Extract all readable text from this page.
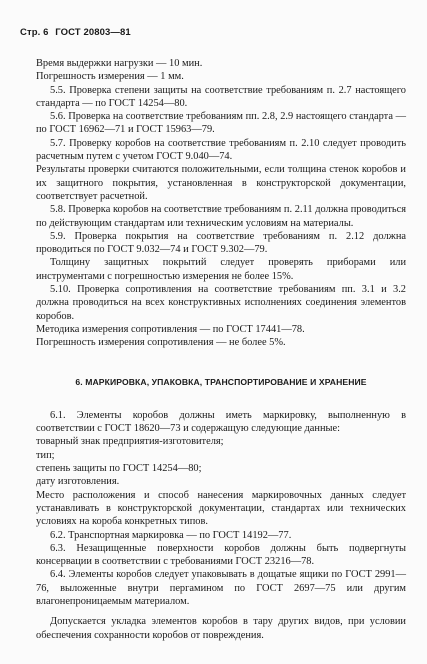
Стр. 6 ГОСТ 20803—81

Время выдержки нагрузки — 10 мин.

Погрешность измерения — 1 мм.

5.5. Проверка степени защиты на соответствие требованиям п. 2.7 настоящего стандарта — по ГОСТ 14254—80.

5.6. Проверка на соответствие требованиям пп. 2.8, 2.9 настоящего стандарта — по ГОСТ 16962—71 и ГОСТ 15963—79.

5.7. Проверку коробов на соответствие требованиям п. 2.10 следует проводить расчетным путем с учетом ГОСТ 9.040—74.

Результаты проверки считаются положительными, если толщина стенок коробов и их защитного покрытия, установленная в конструкторской документации, соответствует расчетной.

5.8. Проверка коробов на соответствие требованиям п. 2.11 должна проводиться по действующим стандартам или техническим условиям на материалы.

5.9. Проверка покрытия на соответствие требованиям п. 2.12 должна проводиться по ГОСТ 9.032—74 и ГОСТ 9.302—79.

Толщину защитных покрытий следует проверять приборами или инструментами с погрешностью измерения не более 15%.

5.10. Проверка сопротивления на соответствие требованиям пп. 3.1 и 3.2 должна проводиться на всех конструктивных исполнениях соединения элементов коробов.

Методика измерения сопротивления — по ГОСТ 17441—78.

Погрешность измерения сопротивления — не более 5%.

6. МАРКИРОВКА, УПАКОВКА, ТРАНСПОРТИРОВАНИЕ И ХРАНЕНИЕ

6.1. Элементы коробов должны иметь маркировку, выполненную в соответствии с ГОСТ 18620—73 и содержащую следующие данные:

товарный знак предприятия-изготовителя;

тип;

степень защиты по ГОСТ 14254—80;

дату изготовления.

Место расположения и способ нанесения маркировочных данных следует устанавливать в конструкторской документации, стандартах или технических условиях на короба конкретных типов.

6.2. Транспортная маркировка — по ГОСТ 14192—77.

6.3. Незащищенные поверхности коробов должны быть подвергнуты консервации в соответствии с требованиями ГОСТ 23216—78.

6.4. Элементы коробов следует упаковывать в дощатые ящики по ГОСТ 2991—76, выложенные внутри пергамином по ГОСТ 2697—75 или другим влагонепроницаемым материалом.

Допускается укладка элементов коробов в тару других видов, при условии обеспечения сохранности коробов от повреждения.
